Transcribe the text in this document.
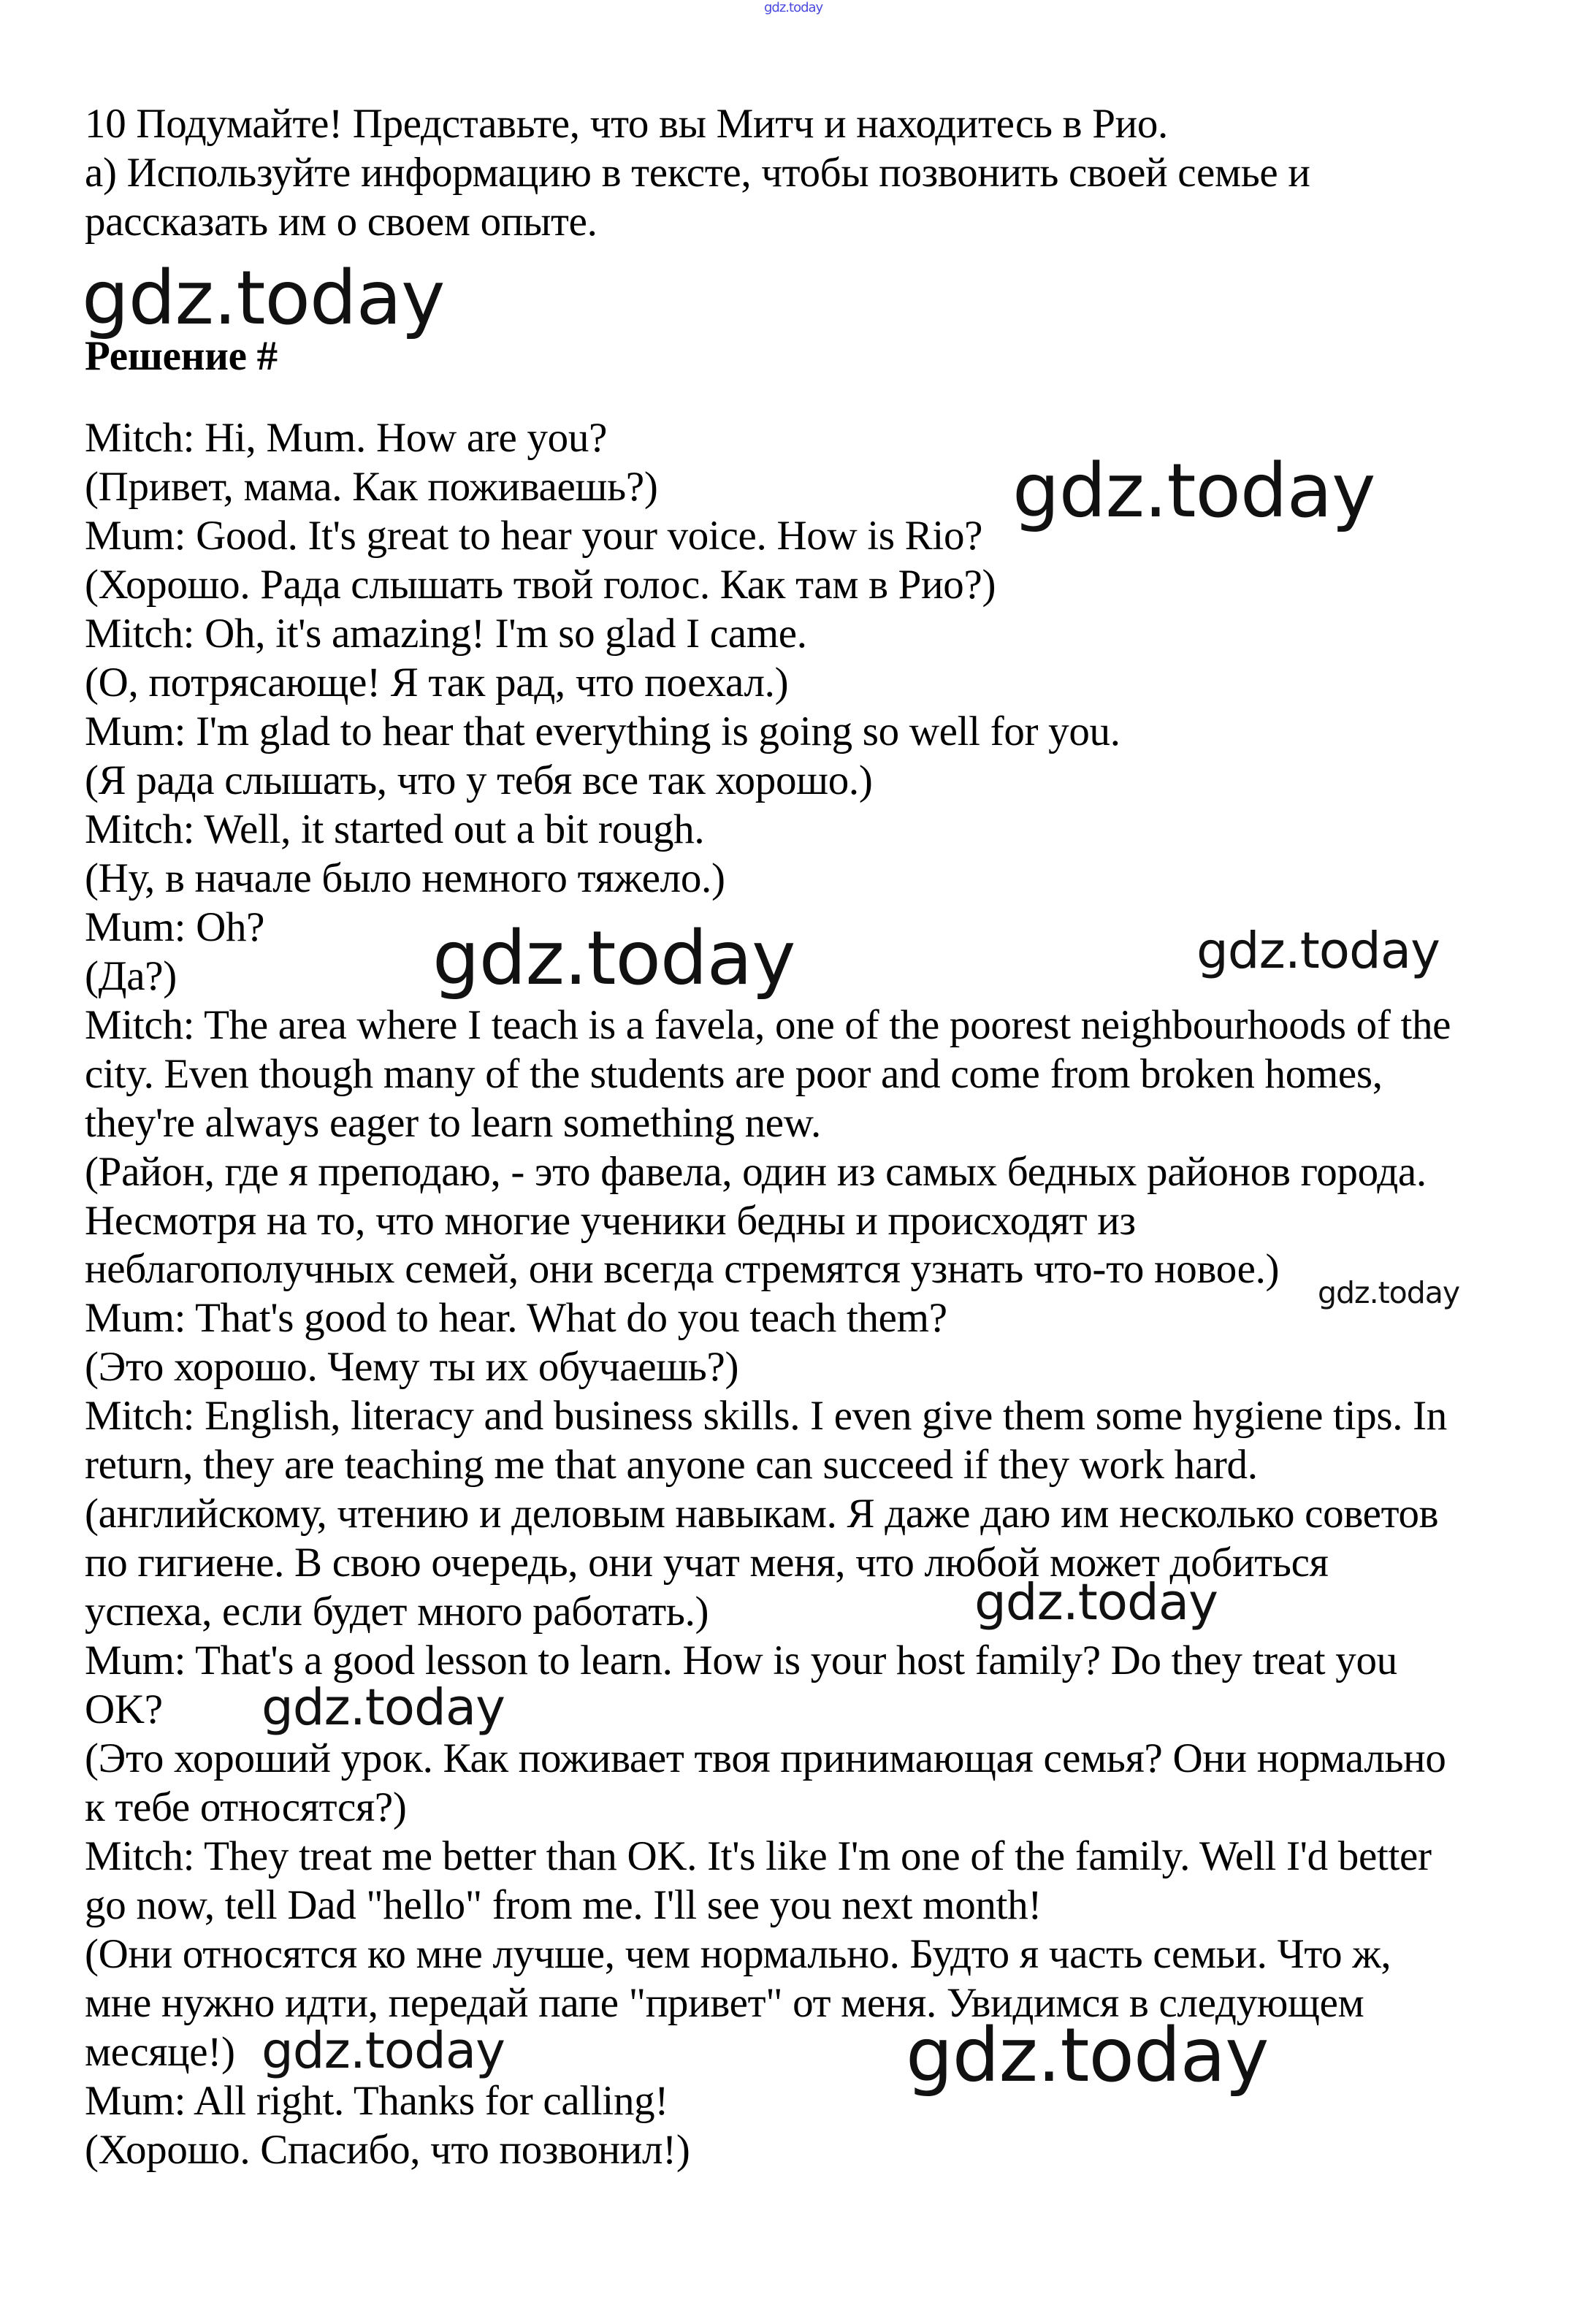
10 Подумайте! Представьте, что вы Митч и находитесь в Рио.
а) Используйте информацию в тексте, чтобы позвонить своей семье и
рассказать им о своем опыте.
Решение #
Mitch: Hi, Mum. How are you?
(Привет, мама. Как поживаешь?)
Mum: Good. It's great to hear your voice. How is Rio?
(Хорошо. Рада слышать твой голос. Как там в Рио?)
Mitch: Oh, it's amazing! I'm so glad I came.
(О, потрясающе! Я так рад, что поехал.)
Mum: I'm glad to hear that everything is going so well for you.
(Я рада слышать, что у тебя все так хорошо.)
Mitch: Well, it started out a bit rough.
(Ну, в начале было немного тяжело.)
Mum: Oh?
(Да?)
Mitch: The area where I teach is a favela, one of the poorest neighbourhoods of the
city. Even though many of the students are poor and come from broken homes,
they're always eager to learn something new.
(Район, где я преподаю, - это фавела, один из самых бедных районов города.
Несмотря на то, что многие ученики бедны и происходят из
неблагополучных семей, они всегда стремятся узнать что-то новое.)
Mum: That's good to hear. What do you teach them?
(Это хорошо. Чему ты их обучаешь?)
Mitch: English, literacy and business skills. I even give them some hygiene tips. In
return, they are teaching me that anyone can succeed if they work hard.
(английскому, чтению и деловым навыкам. Я даже даю им несколько советов
по гигиене. В свою очередь, они учат меня, что любой может добиться
успеха, если будет много работать.)
Mum: That's a good lesson to learn. How is your host family? Do they treat you
OK?
(Это хороший урок. Как поживает твоя принимающая семья? Они нормально
к тебе относятся?)
Mitch: They treat me better than OK. It's like I'm one of the family. Well I'd better
go now, tell Dad "hello" from me. I'll see you next month!
(Они относятся ко мне лучше, чем нормально. Будто я часть семьи. Что ж,
мне нужно идти, передай папе "привет" от меня. Увидимся в следующем
месяце!)
Mum: All right. Thanks for calling!
(Хорошо. Спасибо, что позвонил!)
gdz.today
gdz.today
gdz.today
gdz.today	gdz.today
gdz.today
gdz.today
gdz.today
gdz.today	gdz.today
